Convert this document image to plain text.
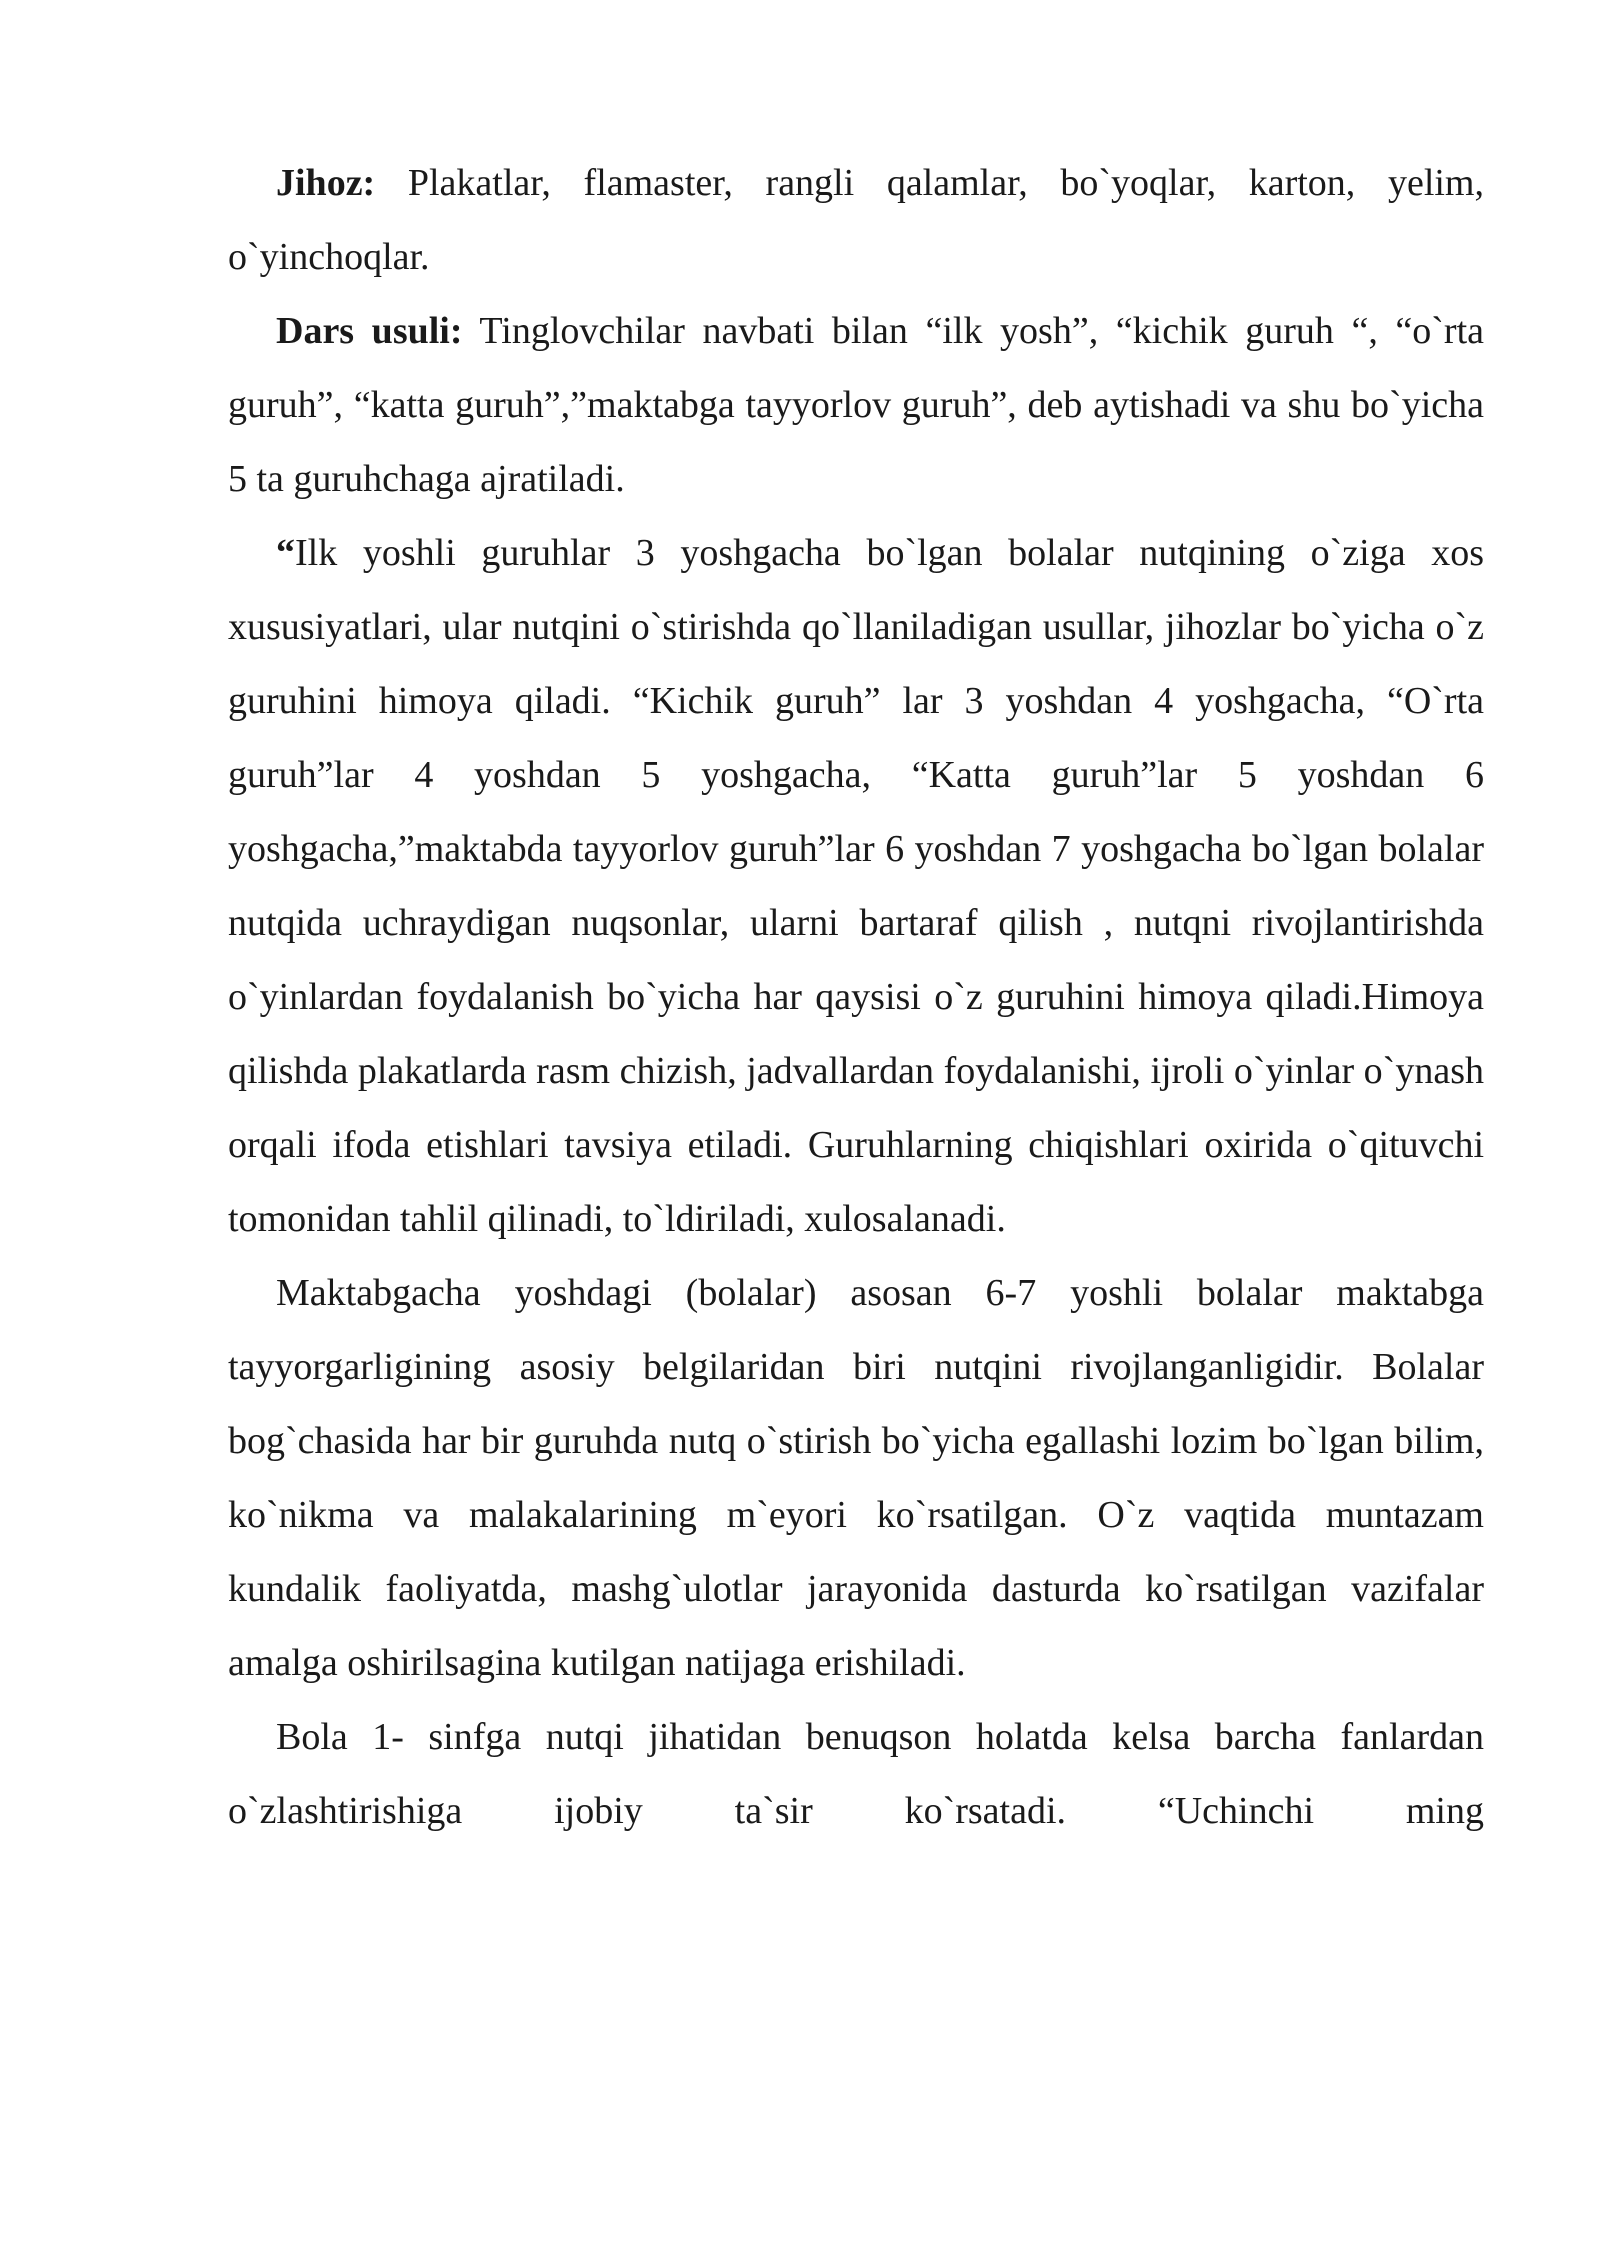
Jihoz: Plakatlar, flamaster, rangli qalamlar, bo`yoqlar, karton, yelim, o`yinchoqlar.

Dars usuli: Tinglovchilar navbati bilan “ilk yosh”, “kichik guruh “, “o`rta guruh”, “katta guruh”,”maktabga tayyorlov guruh”, deb aytishadi va shu bo`yicha 5 ta guruhchaga ajratiladi.

“Ilk yoshli guruhlar 3 yoshgacha bo`lgan bolalar nutqining o`ziga xos xususiyatlari, ular nutqini o`stirishda qo`llaniladigan usullar, jihozlar bo`yicha o`z guruhini himoya qiladi. “Kichik guruh” lar 3 yoshdan 4 yoshgacha, “O`rta guruh”lar 4 yoshdan 5 yoshgacha, “Katta guruh”lar 5 yoshdan 6 yoshgacha,”maktabda tayyorlov guruh”lar 6 yoshdan 7 yoshgacha bo`lgan bolalar nutqida uchraydigan nuqsonlar, ularni bartaraf qilish , nutqni rivojlantirishda o`yinlardan foydalanish bo`yicha har qaysisi o`z guruhini himoya qiladi.Himoya qilishda plakatlarda rasm chizish, jadvallardan foydalanishi, ijroli o`yinlar o`ynash orqali ifoda etishlari tavsiya etiladi. Guruhlarning chiqishlari oxirida o`qituvchi tomonidan tahlil qilinadi, to`ldiriladi, xulosalanadi.

Maktabgacha yoshdagi (bolalar) asosan 6-7 yoshli bolalar maktabga tayyorgarligining asosiy belgilaridan biri nutqini rivojlanganligidir. Bolalar bog`chasida har bir guruhda nutq o`stirish bo`yicha egallashi lozim bo`lgan bilim, ko`nikma va malakalarining m`eyori ko`rsatilgan. O`z vaqtida muntazam kundalik faoliyatda, mashg`ulotlar jarayonida dasturda ko`rsatilgan vazifalar amalga oshirilsagina kutilgan natijaga erishiladi.

Bola 1- sinfga nutqi jihatidan benuqson holatda kelsa barcha fanlardan o`zlashtirishiga ijobiy ta`sir ko`rsatadi. “Uchinchi ming
